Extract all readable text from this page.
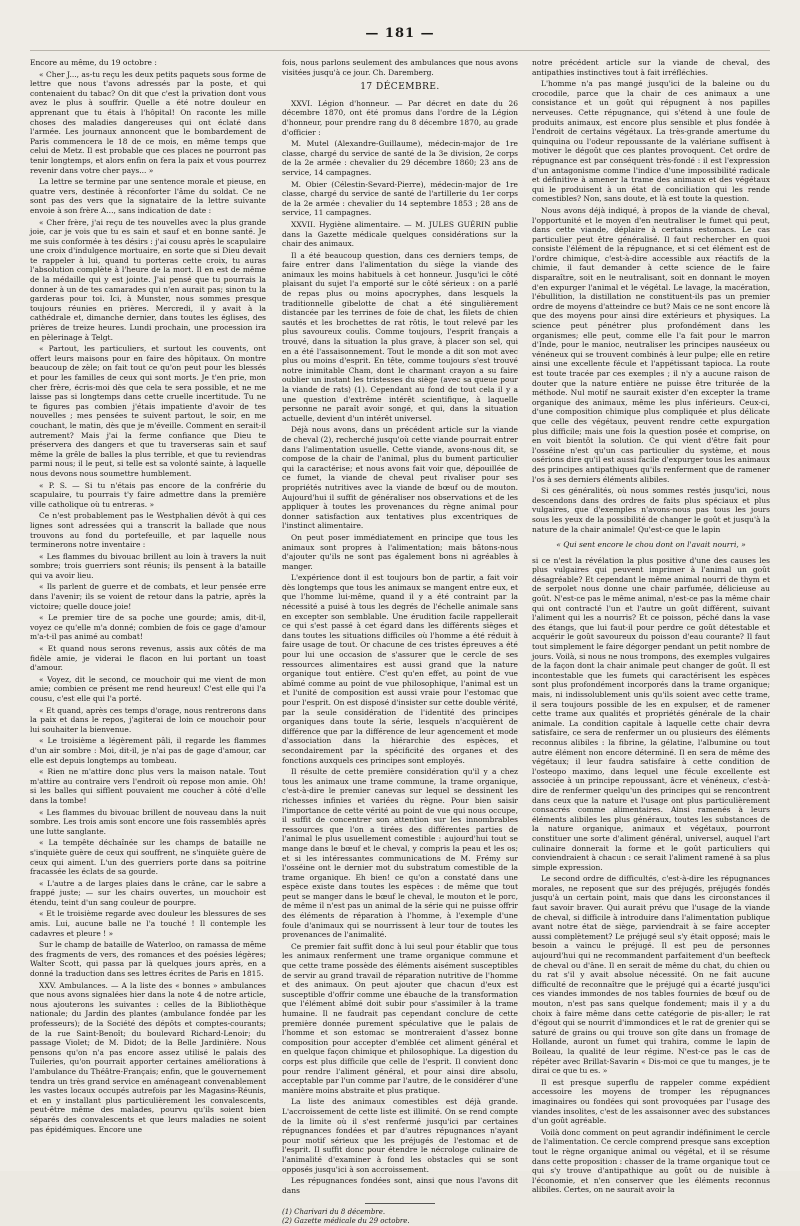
— 181 —

Encore au même, du 19 octobre :

« Cher J..., as-tu reçu les deux petits paquets sous forme de lettre que nous t'avons adressés par la poste, et qui contenaient du tabac? On dit que c'est la privation dont vous avez le plus à souffrir. Quelle a été notre douleur en apprenant que tu étais à l'hôpital! On raconte les mille choses des maladies dangereuses qui ont éclaté dans l'armée. Les journaux annoncent que le bombardement de Paris commencera le 18 de ce mois, en même temps que celui de Metz. Il est probable que ces places ne pourront pas tenir longtemps, et alors enfin on fera la paix et vous pourrez revenir dans votre cher pays... »

La lettre se termine par une sentence morale et pieuse, en quatre vers, destinée à réconforter l'âme du soldat. Ce ne sont pas des vers que la signataire de la lettre suivante envoie à son frère A..., sans indication de date :

« Cher frère, j'ai reçu de tes nouvelles avec la plus grande joie, car je vois que tu es sain et sauf et en bonne santé. Je me suis conformée à tes désirs : j'ai cousu après le scapulaire une croix d'indulgence mortuaire, en sorte que si Dieu devait te rappeler à lui, quand tu porteras cette croix, tu auras l'absolution complète à l'heure de la mort. Il en est de même de la médaille qui y est jointe. J'ai pensé que tu pourrais la donner à un de tes camarades qui n'en aurait pas; sinon tu la garderas pour toi. Ici, à Munster, nous sommes presque toujours réunies en prières. Mercredi, il y avait à la cathédrale et, dimanche dernier, dans toutes les églises, des prières de treize heures. Lundi prochain, une procession ira en pèlerinage à Telgt.

« Partout, les particuliers, et surtout les couvents, ont offert leurs maisons pour en faire des hôpitaux. On montre beaucoup de zèle; on fait tout ce qu'on peut pour les blessés et pour les familles de ceux qui sont morts. Je t'en prie, mon cher frère, écris-moi dès que cela te sera possible, et ne me laisse pas si longtemps dans cette cruelle incertitude. Tu ne te figures pas combien j'étais impatiente d'avoir de tes nouvelles ; mes pensées te suivent partout, le soir, en me couchant, le matin, dès que je m'éveille. Comment en serait-il autrement? Mais j'ai la ferme confiance que Dieu te préservera des dangers et que tu traverseras sain et sauf même la grêle de balles la plus terrible, et que tu reviendras parmi nous; il le peut, si telle est sa volonté sainte, à laquelle nous devons nous soumettre humblement.

« P. S. — Si tu n'étais pas encore de la confrérie du scapulaire, tu pourrais t'y faire admettre dans la première ville catholique où tu entreras. »

Ce n'est probablement pas le Westphalien dévôt à qui ces lignes sont adressées qui a transcrit la ballade que nous trouvons au fond du portefeuille, et par laquelle nous terminerons notre inventaire :

« Les flammes du bivouac brillent au loin à travers la nuit sombre; trois guerriers sont réunis; ils pensent à la bataille qui va avoir lieu.

« Ils parlent de guerre et de combats, et leur pensée erre dans l'avenir; ils se voient de retour dans la patrie, après la victoire; quelle douce joie!

« Le premier tire de sa poche une gourde; amis, dit-il, voyez ce qu'elle m'a donné; combien de fois ce gage d'amour m'a-t-il pas animé au combat!

« Et quand nous serons revenus, assis aux côtés de ma fidèle amie, je viderai le flacon en lui portant un toast d'amour.

« Voyez, dit le second, ce mouchoir qui me vient de mon amie; combien ce présent me rend heureux! C'est elle qui l'a cousu, c'est elle qui l'a porté.

« Et quand, après ces temps d'orage, nous rentrerons dans la paix et dans le repos, j'agiterai de loin ce mouchoir pour lui souhaiter la bienvenue.

« Le troisième a légèrement pâli, il regarde les flammes d'un air sombre : Moi, dit-il, je n'ai pas de gage d'amour, car elle est depuis longtemps au tombeau.

« Rien ne m'attire donc plus vers la maison natale. Tout m'attire au contraire vers l'endroit où repose mon amie. Oh! si les balles qui sifflent pouvaient me coucher à côté d'elle dans la tombe!

« Les flammes du bivouac brillent de nouveau dans la nuit sombre. Les trois amis sont encore une fois rassemblés après une lutte sanglante.

« La tempête déchaînée sur les champs de bataille ne s'inquiète guère de ceux qui souffrent, ne s'inquiète guère de ceux qui aiment. L'un des guerriers porte dans sa poitrine fracassée les éclats de sa gourde.

« L'autre a de larges plaies dans le crâne, car le sabre a frappé juste; — sur les chairs ouvertes, un mouchoir est étendu, teint d'un sang couleur de pourpre.

« Et le troisième regarde avec douleur les blessures de ses amis. Lui, aucune balle ne l'a touché ! Il contemple les cadavres et pleure ! »

Sur le champ de bataille de Waterloo, on ramassa de même des fragments de vers, des romances et des poésies légères; Walter Scott, qui passa par là quelques jours après, en a donné la traduction dans ses lettres écrites de Paris en 1815.

XXV. Ambulances. — A la liste des « bonnes » ambulances que nous avons signalées hier dans la note 4 de notre article, nous ajouterons les suivantes : celles de la Bibliothèque nationale; du Jardin des plantes (ambulance fondée par les professeurs); de la Société des dépôts et comptes-courants; de la rue Saint-Benoît; du boulevard Richard-Lenoir; du passage Violet; de M. Didot; de la Belle Jardinière. Nous pensons qu'on n'a pas encore assez utilisé le palais des Tuileries, qu'on pourrait apporter certaines améliorations à l'ambulance du Théâtre-Français; enfin, que le gouvernement tendra un très grand service en aménageant convenablement les vastes locaux occupés autrefois par les Magasins-Réunis, et en y installant plus particulièrement les convalescents, peut-être même des malades, pourvu qu'ils soient bien séparés des convalescents et que leurs maladies ne soient pas épidémiques. Encore une

fois, nous parlons seulement des ambulances que nous avons visitées jusqu'à ce jour. Ch. Daremberg.

17 DÉCEMBRE.

XXVI. Légion d'honneur. — Par décret en date du 26 décembre 1870, ont été promus dans l'ordre de la Légion d'honneur, pour prendre rang du 8 décembre 1870, au grade d'officier :

M. Mutel (Alexandre-Guillaume), médecin-major de 1re classe, chargé du service de santé de la 3e division, 2e corps de la 2e armée : chevalier du 29 décembre 1860; 23 ans de service, 14 campagnes.

M. Obier (Célestin-Sevard-Pierre), médecin-major de 1re classe, chargé du service de santé de l'artillerie du 1er corps de la 2e armée : chevalier du 14 septembre 1853 ; 28 ans de service, 11 campagnes.

XXVII. Hygiène alimentaire. — M. JULES GUÉRIN publie dans la Gazette médicale quelques considérations sur la chair des animaux.

Il a été beaucoup question, dans ces derniers temps, de faire entrer dans l'alimentation du siège la viande des animaux les moins habituels à cet honneur. Jusqu'ici le côté plaisant du sujet l'a emporté sur le côté sérieux : on a parlé de repas plus ou moins apocryphes, dans lesquels la traditionnelle gibelotte de chat a été singulièrement distancée par les terrines de foie de chat, les filets de chien sautés et les brochettes de rat rôtis, le tout relevé par les plus savoureux coulis. Comme toujours, l'esprit français a trouvé, dans la situation la plus grave, à placer son sel, qui en a été l'assaisonnement. Tout le monde a dit son mot avec plus ou moins d'esprit. En tête, comme toujours s'est trouvé notre inimitable Cham, dont le charmant crayon a su faire oublier un instant les tristesses du siège (avec sa queue pour la viande de rats) (1). Cependant au fond de tout cela il y a une question d'extrême intérêt scientifique, à laquelle personne ne paraît avoir songé, et qui, dans la situation actuelle, devient d'un intérêt universel.

Déjà nous avons, dans un précédent article sur la viande de cheval (2), recherché jusqu'où cette viande pourrait entrer dans l'alimentation usuelle. Cette viande, avons-nous dit, se compose de la chair de l'animal, plus du bument particulier qui la caractérise; et nous avons fait voir que, dépouillée de ce fumet, la viande de cheval peut rivaliser pour ses propriétés nutritives avec la viande de bœuf ou de mouton. Aujourd'hui il suffit de généraliser nos observations et de les appliquer à toutes les provenances du règne animal pour donner satisfaction aux tentatives plus excentriques de l'instinct alimentaire.

On peut poser immédiatement en principe que tous les animaux sont propres à l'alimentation; mais bâtons-nous d'ajouter qu'ils ne sont pas également bons ni agréables à manger.

L'expérience dont il est toujours bon de partir, a fait voir dès longtemps que tous les animaux se mangent entre eux, et que l'homme lui-même, quand il y a été contraint par la nécessité a puisé à tous les degrés de l'échelle animale sans en excepter son semblable. Une érudition facile rappellerait ce qui s'est passé à cet égard dans les différents sièges et dans toutes les situations difficiles où l'homme a été réduit à faire usage de tout. Or chacune de ces tristes épreuves a été pour lui une occasion de s'assurer que le cercle de ses ressources alimentaires est aussi grand que la nature organique tout entière. C'est qu'en effet, au point de vue abîmé comme au point de vue philosophique, l'animal est un et l'unité de composition est aussi vraie pour l'estomac que pour l'esprit. On est disposé d'insister sur cette double vérité, par la seule considération de l'identité des principes organiques dans toute la série, lesquels n'acquièrent de différence que par la différence de leur agencement et mode d'association dans la hiérarchie des espèces, et secondairement par la spécificité des organes et des fonctions auxquels ces principes sont employés.

Il résulte de cette première considération qu'il y a chez tous les animaux une trame commune, la trame organique, c'est-à-dire le premier canevas sur lequel se dessinent les richesses infinies et variées du règne. Pour bien saisir l'importance de cette vérité au point de vue qui nous occupe, il suffit de concentrer son attention sur les innombrables ressources que l'on a tirées des différentes parties de l'animal le plus usuellement comestible : aujourd'hui tout se mange dans le bœuf et le cheval, y compris la peau et les os; et si les intéressantes communications de M. Frémy sur l'osséine ont le dernier mot du substratum comestible de la trame organique. Eh bien! ce qu'on a constaté dans une espèce existe dans toutes les espèces : de même que tout peut se manger dans le bœuf le cheval, le mouton et le porc, de même il n'est pas un animal de la série qui ne puisse offrir des éléments de réparation à l'homme, à l'exemple d'une foule d'animaux qui se nourrissent à leur tour de toutes les provenances de l'animalité.

Ce premier fait suffit donc à lui seul pour établir que tous les animaux renferment une trame organique commune et que cette trame possède des éléments aisément susceptibles de servir au grand travail de réparation nutritive de l'homme et des animaux. On peut ajouter que chacun d'eux est susceptible d'offrir comme une ébauche de la transformation que l'élément abîmé doit subir pour s'assimiler à la trame humaine. Il ne faudrait pas cependant conclure de cette première donnée purement spéculative que le palais de l'homme et son estomac se montreraient d'assez bonne composition pour accepter d'emblée cet aliment général et en quelque façon chimique et philosophique. La digestion du corps est plus difficile que celle de l'esprit. Il convient donc pour rendre l'aliment général, et pour ainsi dire absolu, acceptable par l'un comme par l'autre, de le considérer d'une manière moins abstraite et plus pratique.

La liste des animaux comestibles est déjà grande. L'accroissement de cette liste est illimité. On se rend compte de la limite où il s'est renfermé jusqu'ici par certaines répugnances fondées et par d'autres répugnances n'ayant pour motif sérieux que les préjugés de l'estomac et de l'esprit. Il suffit donc pour étendre le nécrologe culinaire de l'animalité d'examiner à fond les obstacles qui se sont opposés jusqu'ici à son accroissement.

Les répugnances fondées sont, ainsi que nous l'avons dit dans

(1) Charivari du 8 décembre.
(2) Gazette médicale du 29 octobre.

notre précédent article sur la viande de cheval, des antipathies instinctives tout à fait irréfléchies.

L'homme n'a pas mangé jusqu'ici de la baleine ou du crocodile, parce que la chair de ces animaux a une consistance et un goût qui répugnent à nos papilles nerveuses. Cette répugnance, qui s'étend à une foule de produits animaux, est encore plus sensible et plus fondée à l'endroit de certains végétaux. La très-grande amertume du quinquina ou l'odeur repoussante de la valériane suffisent à motiver le dégoût que ces plantes provoquent. Cet ordre de répugnance est par conséquent très-fondé : il est l'expression d'un antagonisme comme l'indice d'une impossibilité radicale et définitive à amener la trame des animaux et des végétaux qui le produisent à un état de conciliation qui les rende comestibles? Non, sans doute, et là est toute la question.

Nous avons déjà indiqué, à propos de la viande de cheval, l'opportunité et le moyen d'en neutraliser le fumet qui peut, dans cette viande, déplaire à certains estomacs. Le cas particulier peut être généralisé. Il faut rechercher en quoi consiste l'élément de la répugnance, et si cet élément est de l'ordre chimique, c'est-à-dire accessible aux réactifs de la chimie, il faut demander à cette science de le faire disparaître, soit en le neutralisant, soit en donnant le moyen d'en expurger l'animal et le végétal. Le lavage, la macération, l'ébullition, la distillation ne constituent-ils pas un premier ordre de moyens d'atteindre ce but? Mais ce ne sont encore là que des moyens pour ainsi dire extérieurs et physiques. La science peut pénétrer plus profondément dans les organismes; elle peut, comme elle l'a fait pour le marron d'Inde, pour le manioc, neutraliser les principes nauséeux ou vénéneux qui se trouvent combinés à leur pulpe; elle en retire ainsi une excellente fécule et l'appétissant tapioca. La route est toute tracée par ces exemples ; il n'y a aucune raison de douter que la nature entière ne puisse être triturée de la méthode. Nul motif ne saurait exister d'en excepter la trame organique des animaux, même les plus inférieurs. Ceux-ci, d'une composition chimique plus compliquée et plus délicate que celle des végétaux, peuvent rendre cette expurgation plus difficile; mais une fois la question posée et comprise, on en voit bientôt la solution. Ce qui vient d'être fait pour l'osséine n'est qu'un cas particulier du système, et nous osérions dire qu'il est aussi facile d'expurger tous les animaux des principes antipathiques qu'ils renferment que de ramener l'os à ses derniers éléments alibiles.

Si ces généralités, où nous sommes restés jusqu'ici, nous descendons dans des ordres de faits plus spéciaux et plus vulgaires, que d'exemples n'avons-nous pas tous les jours sous les yeux de la possibilité de changer le goût et jusqu'à la nature de la chair animale! Qu'est-ce que le lapin

« Qui sent encore le chou dont on l'avait nourri, »

si ce n'est la révélation la plus positive d'une des causes les plus vulgaires qui peuvent imprimer à l'animal un goût désagréable? Et cependant le même animal nourri de thym et de serpolet nous donne une chair parfumée, délicieuse au goût. N'est-ce pas le même animal, n'est-ce pas la même chair qui ont contracté l'un et l'autre un goût différent, suivant l'aliment qui les a nourris? Et ce poisson, péché dans la vase des étangs, que lui faut-il pour perdre ce goût détestable et acquérir le goût savoureux du poisson d'eau courante? Il faut tout simplement le faire dégorger pendant un petit nombre de jours. Voilà, si nous ne nous trompons, des exemples vulgaires de la façon dont la chair animale peut changer de goût. Il est incontestable que les fumets qui caractérisent les espèces sont plus profondément incorporés dans la trame organique; mais, ni indissolublement unis qu'ils soient avec cette trame, il sera toujours possible de les en expulser, et de ramener cette trame aux qualités et propriétés générale de la chair animale. La condition capitale à laquelle cette chair devra satisfaire, ce sera de renfermer un ou plusieurs des éléments reconnus alibiles : la fibrine, la gélatine, l'albumine ou tout autre élément non encore déterminé. Il en sera de même des végétaux; il leur faudra satisfaire à cette condition de l'osteopo maximo, dans lequel une fécule excellente est associée à un principe repoussant, âcre et vénéneux, c'est-à-dire de renfermer quelqu'un des principes qui se rencontrent dans ceux que la nature et l'usage ont plus particulièrement consacrés comme alimentaires. Ainsi ramenés à leurs éléments alibiles les plus généraux, toutes les substances de la nature organique, animaux et végétaux, pourront constituer une sorte d'aliment général, universel, auquel l'art culinaire donnerait la forme et le goût particuliers qui conviendraient à chacun : ce serait l'aliment ramené à sa plus simple expression.

Le second ordre de difficultés, c'est-à-dire les répugnances morales, ne reposent que sur des préjugés, préjugés fondés jusqu'à un certain point, mais que dans les circonstances il faut savoir braver. Qui aurait prévu que l'usage de la viande de cheval, si difficile à introduire dans l'alimentation publique avant notre état de siège, parviendrait à se faire accepter aussi complètement? Le préjugé seul s'y était opposé; mais le besoin a vaincu le préjugé. Il est peu de personnes aujourd'hui qui ne recommandent parfaitement d'un beefteck de cheval ou d'âne. Il en serait de même du chat, du chien ou du rat s'il y avait absolue nécessité. On ne fait aucune difficulté de reconnaître que le préjugé qui a écarté jusqu'ici ces viandes immondes de nos tables fournies de bœuf ou de mouton, n'est pas sans quelque fondement; mais il y a du choix à faire même dans cette catégorie de pis-aller; le rat d'égout qui se nourrit d'immondices et le rat de grenier qui se saturé de grains ou qui trouve son gîte dans un fromage de Hollande, auront un fumet qui trahira, comme le lapin de Boileau, la qualité de leur régime. N'est-ce pas le cas de répéter avec Brillat-Savarin « Dis-moi ce que tu manges, je te dirai ce que tu es. »

Il est presque superflu de rappeler comme expédient accessoire les moyens de tromper les répugnances imaginaires ou fondées qui sont provoquées par l'usage des viandes insolites, c'est de les assaisonner avec des substances d'un goût agréable.

Voilà donc comment on peut agrandir indéfiniment le cercle de l'alimentation. Ce cercle comprend presque sans exception tout le règne organique animal ou végétal, et il se résume dans cette proposition : chasser de la trame organique tout ce qui s'y trouve d'antipathique au goût ou de nuisible à l'économie, et n'en conserver que les éléments reconnus alibiles. Certes, on ne saurait avoir la
